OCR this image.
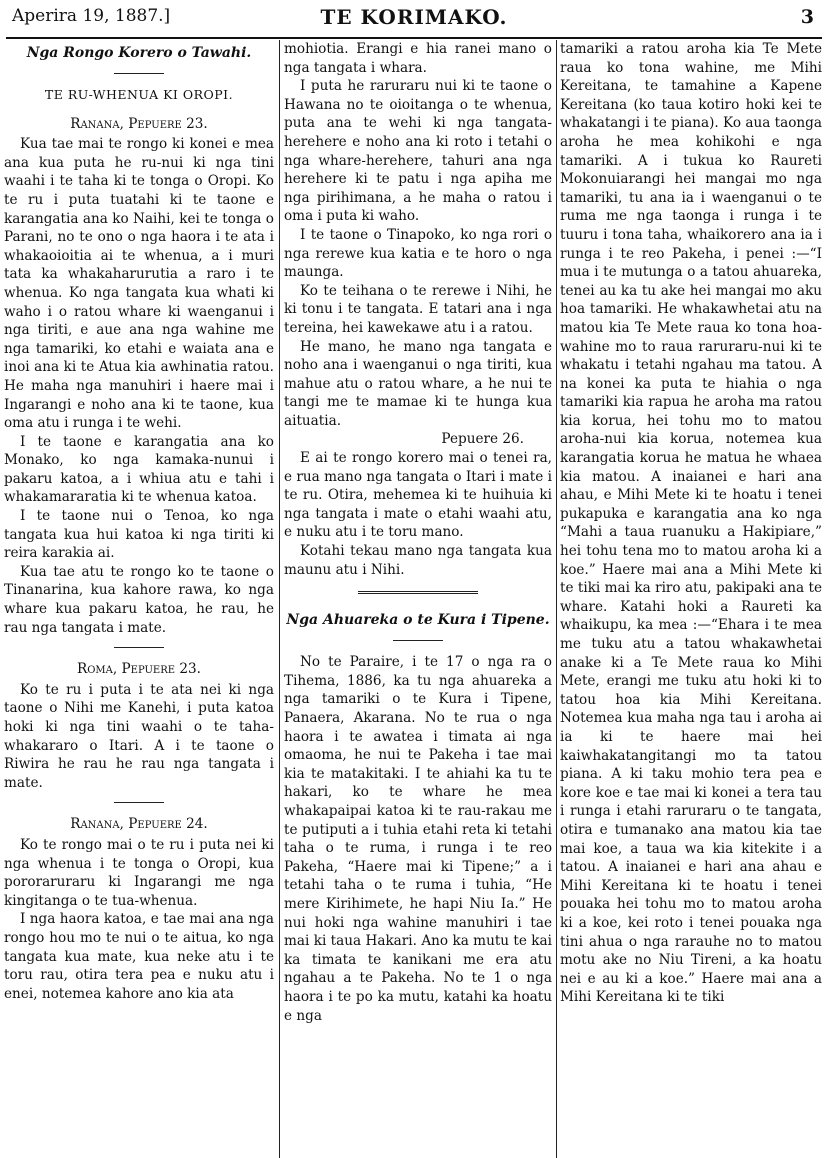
Aperira 19, 1887.]	TE KORIMAKO.	3

Nga Rongo Korero o Tawahi.

TE RU-WHENUA KI OROPI.

Ranana, Pepuere 23.

Kua tae mai te rongo ki konei e mea ana kua puta he ru-nui ki nga tini waahi i te taha ki te tonga o Oropi. Ko te ru i puta tuatahi ki te taone e karangatia ana ko Naihi, kei te tonga o Parani, no te ono o nga haora i te ata i whakaoioitia ai te whenua, a i muri tata ka whakaharurutia a raro i te whenua. Ko nga tangata kua whati ki waho i o ratou whare ki waenganui i nga tiriti, e aue ana nga wahine me nga tamariki, ko etahi e waiata ana e inoi ana ki te Atua kia awhinatia ratou. He maha nga manuhiri i haere mai i Ingarangi e noho ana ki te taone, kua oma atu i runga i te wehi.

I te taone e karangatia ana ko Monako, ko nga kamaka-nunui i pakaru katoa, a i whiua atu e tahi i whakamararatia ki te whenua katoa.

I te taone nui o Tenoa, ko nga tangata kua hui katoa ki nga tiriti ki reira karakia ai.

Kua tae atu te rongo ko te taone o Tinanarina, kua kahore rawa, ko nga whare kua pakaru katoa, he rau, he rau nga tangata i mate.

Roma, Pepuere 23.

Ko te ru i puta i te ata nei ki nga taone o Nihi me Kanehi, i puta katoa hoki ki nga tini waahi o te taha-whakararo o Itari. A i te taone o Riwira he rau he rau nga tangata i mate.

Ranana, Pepuere 24.

Ko te rongo mai o te ru i puta nei ki nga whenua i te tonga o Oropi, kua pororaruraru ki Ingarangi me nga kingitanga o te tua-whenua.

I nga haora katoa, e tae mai ana nga rongo hou mo te nui o te aitua, ko nga tangata kua mate, kua neke atu i te toru rau, otira tera pea e nuku atu i enei, notemea kahore ano kia ata

mohiotia. Erangi e hia ranei mano o nga tangata i whara.

I puta he raruraru nui ki te taone o Hawana no te oioitanga o te whenua, puta ana te wehi ki nga tangata-herehere e noho ana ki roto i tetahi o nga whare-herehere, tahuri ana nga herehere ki te patu i nga apiha me nga pirihimana, a he maha o ratou i oma i puta ki waho.

I te taone o Tinapoko, ko nga rori o nga rerewe kua katia e te horo o nga maunga.

Ko te teihana o te rerewe i Nihi, he ki tonu i te tangata. E tatari ana i nga tereina, hei kawekawe atu i a ratou.

He mano, he mano nga tangata e noho ana i waenganui o nga tiriti, kua mahue atu o ratou whare, a he nui te tangi me te mamae ki te hunga kua aituatia.

Pepuere 26.

E ai te rongo korero mai o tenei ra, e rua mano nga tangata o Itari i mate i te ru. Otira, mehemea ki te huihuia ki nga tangata i mate o etahi waahi atu, e nuku atu i te toru mano.

Kotahi tekau mano nga tangata kua maunu atu i Nihi.

Nga Ahuareka o te Kura i Tipene.

No te Paraire, i te 17 o nga ra o Tihema, 1886, ka tu nga ahuareka a nga tamariki o te Kura i Tipene, Panaera, Akarana. No te rua o nga haora i te awatea i timata ai nga omaoma, he nui te Pakeha i tae mai kia te matakitaki. I te ahiahi ka tu te hakari, ko te whare he mea whakapaipai katoa ki te rau-rakau me te putiputi a i tuhia etahi reta ki tetahi taha o te ruma, i runga i te reo Pakeha, “Haere mai ki Tipene;” a i tetahi taha o te ruma i tuhia, “He mere Kirihimete, he hapi Niu Ia.” He nui hoki nga wahine manuhiri i tae mai ki taua Hakari. Ano ka mutu te kai ka timata te kanikani me era atu ngahau a te Pakeha. No te 1 o nga haora i te po ka mutu, katahi ka hoatu e nga

tamariki a ratou aroha kia Te Mete raua ko tona wahine, me Mihi Kereitana, te tamahine a Kapene Kereitana (ko taua kotiro hoki kei te whakatangi i te piana). Ko aua taonga aroha he mea kohikohi e nga tamariki. A i tukua ko Raureti Mokonuiarangi hei mangai mo nga tamariki, tu ana ia i waenganui o te ruma me nga taonga i runga i te tuuru i tona taha, whaikorero ana ia i runga i te reo Pakeha, i penei :—“I mua i te mutunga o a tatou ahuareka, tenei au ka tu ake hei mangai mo aku hoa tamariki. He whakawhetai atu na matou kia Te Mete raua ko tona hoa-wahine mo to raua raruraru-nui ki te whakatu i tetahi ngahau ma tatou. A na konei ka puta te hiahia o nga tamariki kia rapua he aroha ma ratou kia korua, hei tohu mo to matou aroha-nui kia korua, notemea kua karangatia korua he matua he whaea kia matou. A inaianei e hari ana ahau, e Mihi Mete ki te hoatu i tenei pukapuka e karangatia ana ko nga “Mahi a taua ruanuku a Hakipiare,” hei tohu tena mo to matou aroha ki a koe.” Haere mai ana a Mihi Mete ki te tiki mai ka riro atu, pakipaki ana te whare. Katahi hoki a Raureti ka whaikupu, ka mea :—“Ehara i te mea me tuku atu a tatou whakawhetai anake ki a Te Mete raua ko Mihi Mete, erangi me tuku atu hoki ki to tatou hoa kia Mihi Kereitana. Notemea kua maha nga tau i aroha ai ia ki te haere mai hei kaiwhakatangitangi mo ta tatou piana. A ki taku mohio tera pea e kore koe e tae mai ki konei a tera tau i runga i etahi raruraru o te tangata, otira e tumanako ana matou kia tae mai koe, a taua wa kia kitekite i a tatou. A inaianei e hari ana ahau e Mihi Kereitana ki te hoatu i tenei pouaka hei tohu mo to matou aroha ki a koe, kei roto i tenei pouaka nga tini ahua o nga rarauhe no to matou motu ake no Niu Tireni, a ka hoatu nei e au ki a koe.” Haere mai ana a Mihi Kereitana ki te tiki
